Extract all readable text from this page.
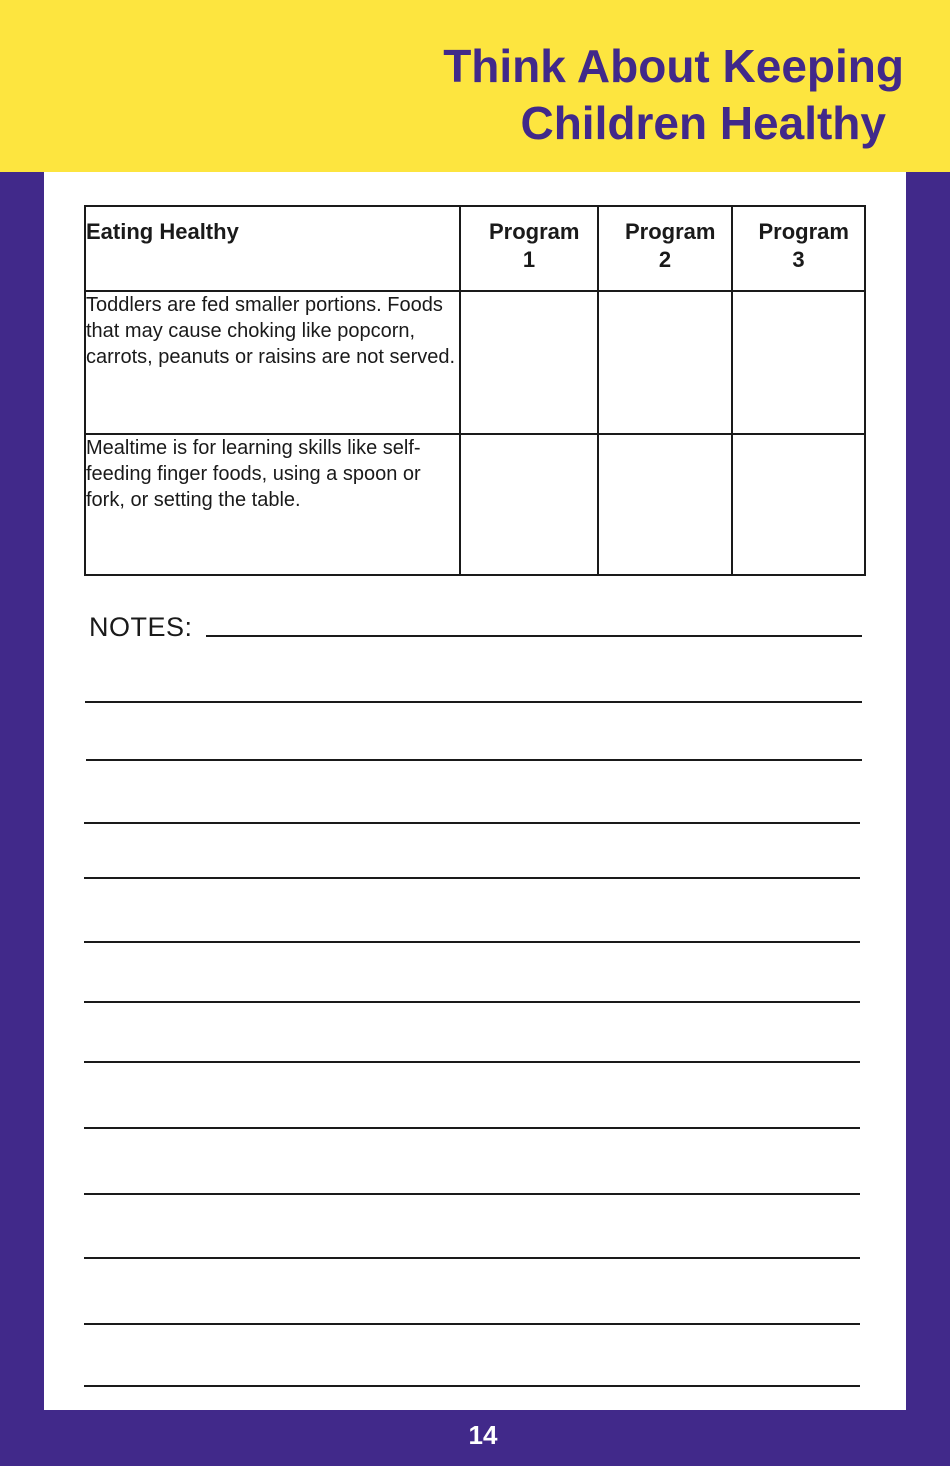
Think About Keeping
Children Healthy
Eating Healthy	Program 1	Program 2	Program 3

Toddlers are fed smaller portions. Foods that may cause choking like popcorn, carrots, peanuts or raisins are not served.			
Mealtime is for learning skills like self-feeding finger foods, using a spoon or fork, or setting the table.			
NOTES:
14
